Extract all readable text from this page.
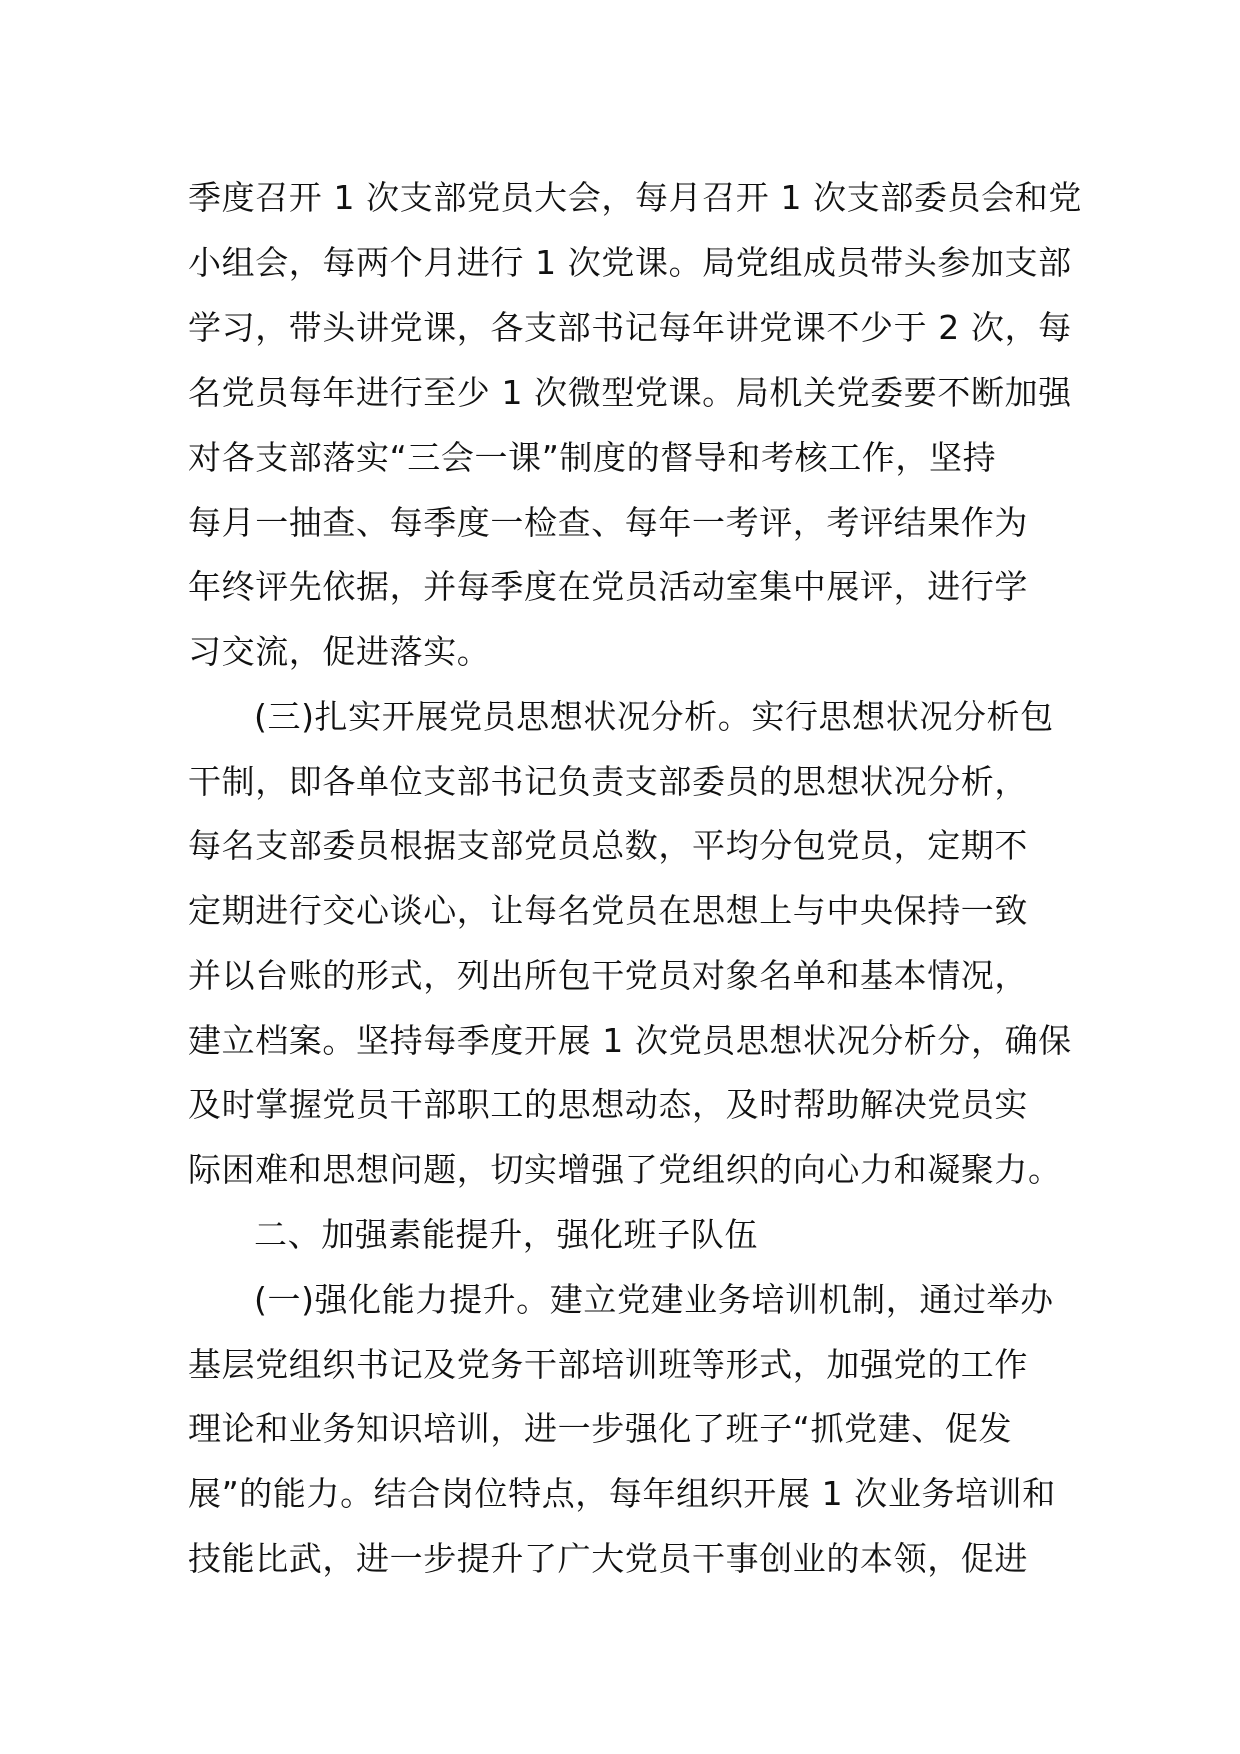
季度召开 1 次支部党员大会，每月召开 1 次支部委员会和党
小组会，每两个月进行 1 次党课。局党组成员带头参加支部
学习，带头讲党课，各支部书记每年讲党课不少于 2 次，每
名党员每年进行至少 1 次微型党课。局机关党委要不断加强
对各支部落实“三会一课”制度的督导和考核工作，坚持
每月一抽查、每季度一检查、每年一考评，考评结果作为
年终评先依据，并每季度在党员活动室集中展评，进行学
习交流，促进落实。
(三)扎实开展党员思想状况分析。实行思想状况分析包
干制，即各单位支部书记负责支部委员的思想状况分析，
每名支部委员根据支部党员总数，平均分包党员，定期不
定期进行交心谈心，让每名党员在思想上与中央保持一致
并以台账的形式，列出所包干党员对象名单和基本情况，
建立档案。坚持每季度开展 1 次党员思想状况分析分，确保
及时掌握党员干部职工的思想动态，及时帮助解决党员实
际困难和思想问题，切实增强了党组织的向心力和凝聚力。
二、加强素能提升，强化班子队伍
(一)强化能力提升。建立党建业务培训机制，通过举办
基层党组织书记及党务干部培训班等形式，加强党的工作
理论和业务知识培训，进一步强化了班子“抓党建、促发
展”的能力。结合岗位特点，每年组织开展 1 次业务培训和
技能比武，进一步提升了广大党员干事创业的本领，促进
